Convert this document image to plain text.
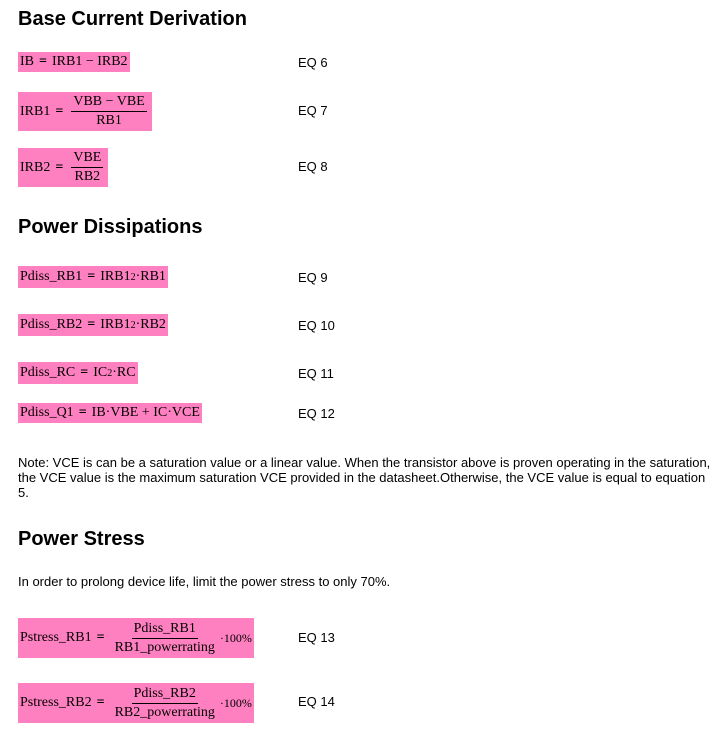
Base Current Derivation
IB = IRB1 − IRB2	EQ 6
$IRB1 = \frac{\text{VBB − VBE}}{RB1}$	EQ 7
$IRB2 = \frac{\text{VBE}}{RB2}$	EQ 8
Power Dissipations
Pdiss_RB1 = IRB1 2 ·RB1	EQ 9
Pdiss_RB2 = IRB1 2 ·RB2	EQ 10
Pdiss_RC = IC 2 ·RC	EQ 11
Pdiss_Q1 = IB·VBE + IC·VCE	EQ 12

Note: VCE is can be a saturation value or a linear value. When the transistor above is proven operating in the saturation, the VCE value is the maximum saturation VCE provided in the datasheet.Otherwise, the VCE value is equal to equation 5.

Power Stress

In order to prolong device life, limit the power stress to only 70%.

Pstress_RB1 = $\frac{\text{Pdiss\_RB1}}{\text{RB1\_powerrating}} \cdot 100\%$	EQ 13
Pstress_RB2 = $\frac{\text{Pdiss\_RB2}}{\text{RB2\_powerrating}} \cdot 100\%$	EQ 14
